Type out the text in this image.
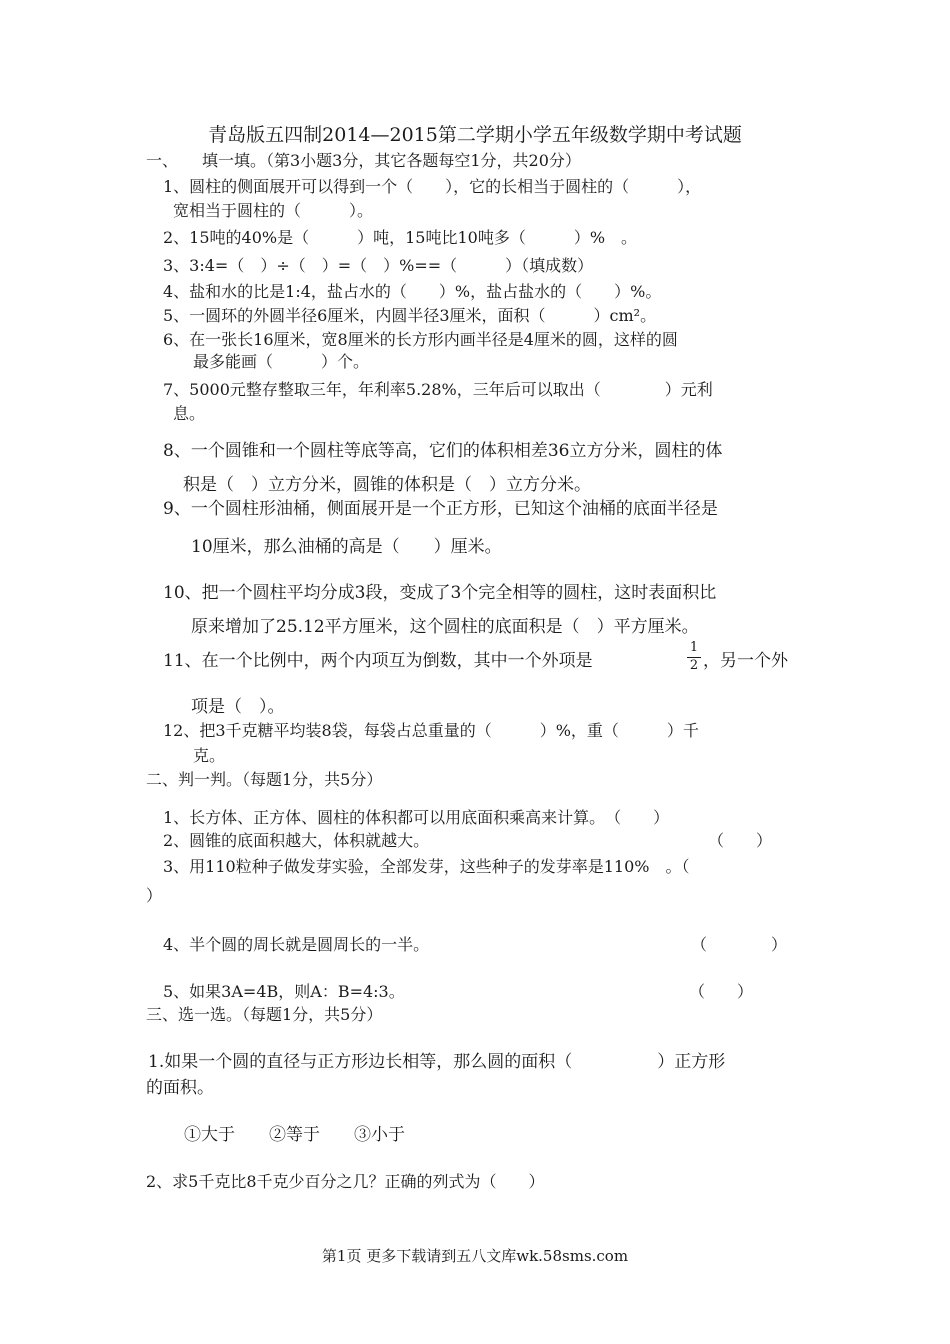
青岛版五四制2014—2015第二学期小学五年级数学期中考试题
一、　　填一填。（第3小题3分，其它各题每空1分，共20分）
1、圆柱的侧面展开可以得到一个（　　），它的长相当于圆柱的（　　　），
宽相当于圆柱的（　　　）。
2、15吨的40%是（　　　）吨，15吨比10吨多（　　　）%　。
3、3:4=（　）÷（　）=（　）%==（　　　）（填成数）
4、盐和水的比是1:4，盐占水的（　　）%，盐占盐水的（　　）%。
5、一圆环的外圆半径6厘米，内圆半径3厘米，面积（　　　）cm²。
6、在一张长16厘米，宽8厘米的长方形内画半径是4厘米的圆，这样的圆
最多能画（　　　）个。
7、5000元整存整取三年，年利率5.28%，三年后可以取出（　　　　）元利
息。
8、一个圆锥和一个圆柱等底等高，它们的体积相差36立方分米，圆柱的体
积是（　）立方分米，圆锥的体积是（　）立方分米。
9、一个圆柱形油桶，侧面展开是一个正方形，已知这个油桶的底面半径是
10厘米，那么油桶的高是（　　）厘米。
10、把一个圆柱平均分成3段，变成了3个完全相等的圆柱，这时表面积比
原来增加了25.12平方厘米，这个圆柱的底面积是（　）平方厘米。
11、在一个比例中，两个内项互为倒数，其中一个外项是
1
2 ，另一个外
项是（　）。
12、把3千克糖平均装8袋，每袋占总重量的（　　　）%，重（　　　）千
克。
二、判一判。（每题1分，共5分）
1、长方体、正方体、圆柱的体积都可以用底面积乘高来计算。　（　　）
2、圆锥的底面积越大，体积就越大。	（　　）
3、用110粒种子做发芽实验，全部发芽，这些种子的发芽率是110%　。（
）
4、半个圆的周长就是圆周长的一半。	（　　　　）
5、如果3A=4B，则A：B=4:3。	（　　）
三、选一选。（每题1分，共5分）
1.如果一个圆的直径与正方形边长相等，那么圆的面积（　　　　　）正方形
的面积。
①大于　　②等于　　③小于
2、求5千克比8千克少百分之几？正确的列式为（　　）
第1页 更多下载请到五八文库wk.58sms.com
